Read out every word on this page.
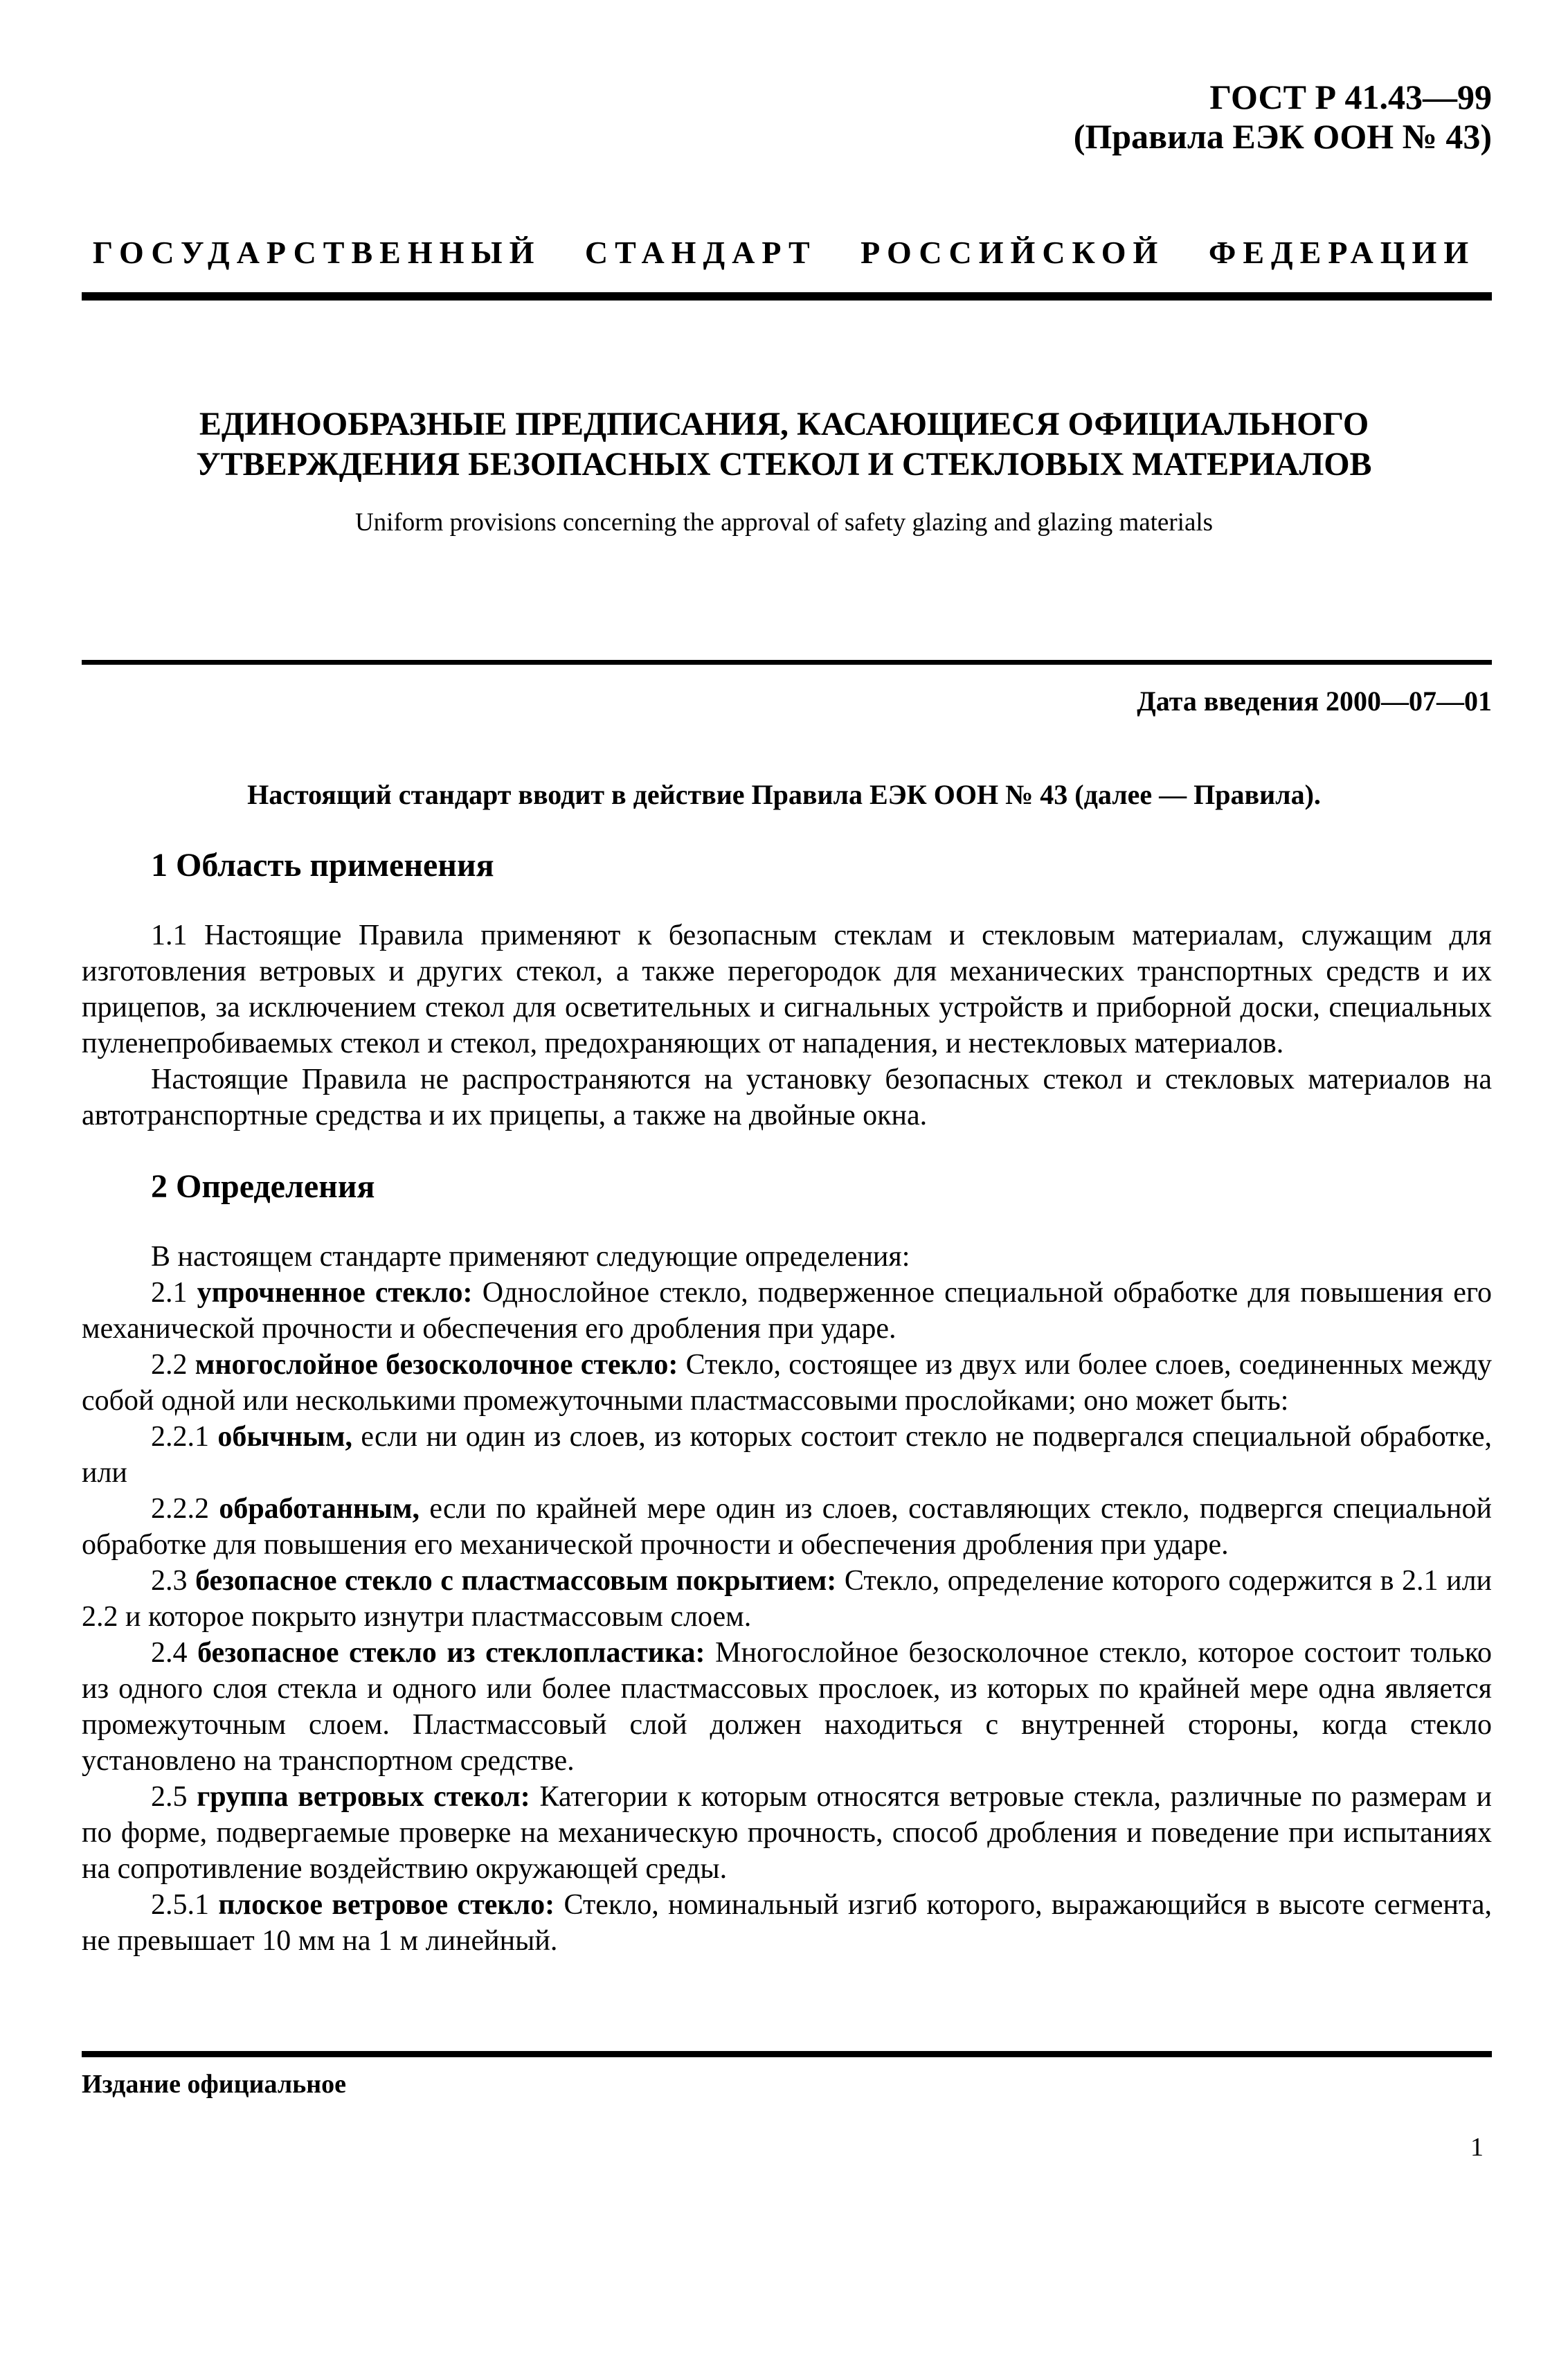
ГОСТ Р 41.43—99
(Правила ЕЭК ООН № 43)
ГОСУДАРСТВЕННЫЙ СТАНДАРТ РОССИЙСКОЙ ФЕДЕРАЦИИ
ЕДИНООБРАЗНЫЕ ПРЕДПИСАНИЯ, КАСАЮЩИЕСЯ ОФИЦИАЛЬНОГО
УТВЕРЖДЕНИЯ БЕЗОПАСНЫХ СТЕКОЛ И СТЕКЛОВЫХ МАТЕРИАЛОВ
Uniform provisions concerning the approval of safety glazing and glazing materials
Дата введения 2000—07—01
Настоящий стандарт вводит в действие Правила ЕЭК ООН № 43 (далее — Правила).
1 Область применения

1.1 Настоящие Правила применяют к безопасным стеклам и стекловым материалам, служащим для изготовления ветровых и других стекол, а также перегородок для механических транспортных средств и их прицепов, за исключением стекол для осветительных и сигнальных устройств и приборной доски, специальных пуленепробиваемых стекол и стекол, предохраняющих от нападения, и нестекловых материалов.

Настоящие Правила не распространяются на установку безопасных стекол и стекловых материалов на автотранспортные средства и их прицепы, а также на двойные окна.

2 Определения

В настоящем стандарте применяют следующие определения:

2.1 упрочненное стекло: Однослойное стекло, подверженное специальной обработке для повышения его механической прочности и обеспечения его дробления при ударе.

2.2 многослойное безосколочное стекло: Стекло, состоящее из двух или более слоев, соединенных между собой одной или несколькими промежуточными пластмассовыми прослойками; оно может быть:

2.2.1 обычным, если ни один из слоев, из которых состоит стекло не подвергался специальной обработке, или

2.2.2 обработанным, если по крайней мере один из слоев, составляющих стекло, подвергся специальной обработке для повышения его механической прочности и обеспечения дробления при ударе.

2.3 безопасное стекло с пластмассовым покрытием: Стекло, определение которого содержится в 2.1 или 2.2 и которое покрыто изнутри пластмассовым слоем.

2.4 безопасное стекло из стеклопластика: Многослойное безосколочное стекло, которое состоит только из одного слоя стекла и одного или более пластмассовых прослоек, из которых по крайней мере одна является промежуточным слоем. Пластмассовый слой должен находиться с внутренней стороны, когда стекло установлено на транспортном средстве.

2.5 группа ветровых стекол: Категории к которым относятся ветровые стекла, различные по размерам и по форме, подвергаемые проверке на механическую прочность, способ дробления и поведение при испытаниях на сопротивление воздействию окружающей среды.

2.5.1 плоское ветровое стекло: Стекло, номинальный изгиб которого, выражающийся в высоте сегмента, не превышает 10 мм на 1 м линейный.

Издание официальное
1
